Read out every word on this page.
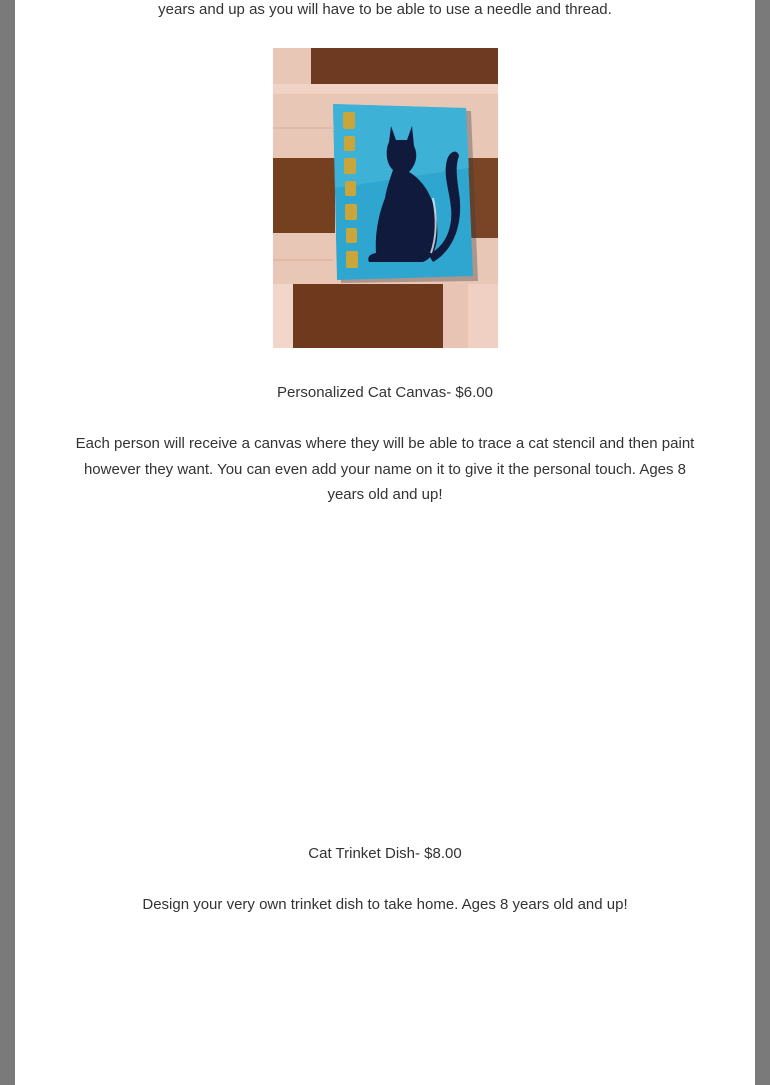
years and up as you will have to be able to use a needle and thread.

Personalized Cat Canvas- $6.00

Each person will receive a canvas where they will be able to trace a cat stencil and then paint however they want. You can even add your name on it to give it the personal touch. Ages 8 years old and up!

Cat Trinket Dish- $8.00

Design your very own trinket dish to take home. Ages 8 years old and up!
